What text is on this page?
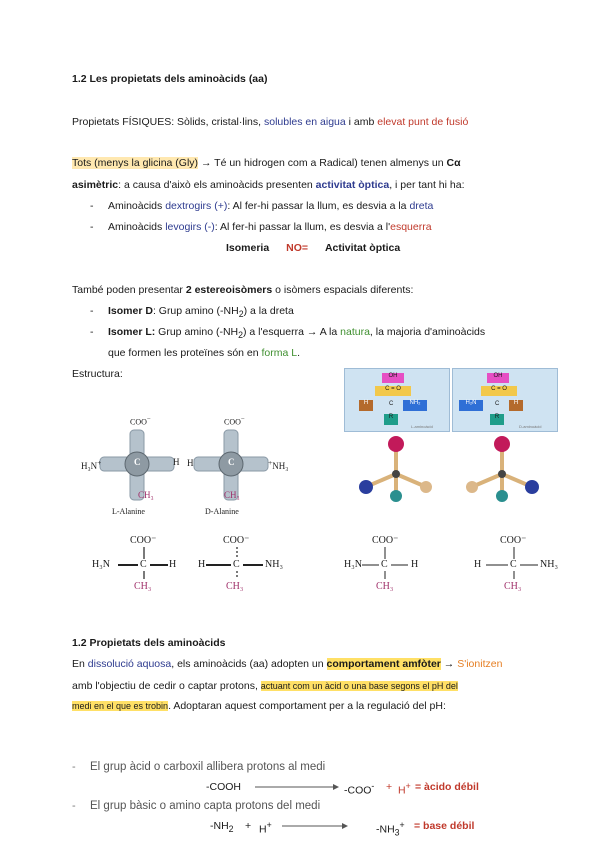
1.2 Les propietats dels aminoàcids (aa)
Propietats FÍSIQUES: Sòlids, cristal·lins, solubles en aigua i amb elevat punt de fusió
Tots (menys la glicina (Gly) → Té un hidrogen com a Radical) tenen almenys un Cα
asimètric: a causa d'això els aminoàcids presenten activitat òptica, i per tant hi ha:
- Aminoàcids dextrogirs (+): Al fer-hi passar la llum, es desvia a la dreta
- Aminoàcids levogirs (-): Al fer-hi passar la llum, es desvia a l'esquerra
Isomeria NO= Activitat òptica
També poden presentar 2 estereoisòmers o isòmers espacials diferents:
- Isomer D: Grup amino $(-NH_2)$ a la dreta
- Isomer L: Grup amino $(-NH_2)$ a l'esquerra → A la natura, la majoria d'aminoàcids
que formen les proteïnes són en forma L.
Estructura:
COO−
C
H₃N+	H
CH₃
L-Alanine
COO−
C
H	+NH₃
CH₃
D-Alanine
OH
C = O
H	C	NH₂
R
L-aminoàcid
OH
C = O
H₂N	C	H
R
D-aminoàcid
COO⁻
H₃N	C H
CH₃
COO⁻
H	C	NH₃
CH₃
COO⁻
H₃N C H
CH₃
COO⁻
H	C NH₃
CH₃
1.2 Propietats dels aminoàcids
En dissolució aquosa, els aminoàcids (aa) adopten un comportament amfòter → S'ionitzen
amb l'objectiu de cedir o captar protons, actuant com un àcid o una base segons el pH del
medi en el que es trobin. Adoptaran aquest comportament per a la regulació del pH:
- El grup àcid o carboxil allibera protons al medi
-COOH	-COO- + H+ = àcido débil
- El grup bàsic o amino capta protons del medi
$-NH_2 + H^+$	$-NH_3^+$ = base débil
